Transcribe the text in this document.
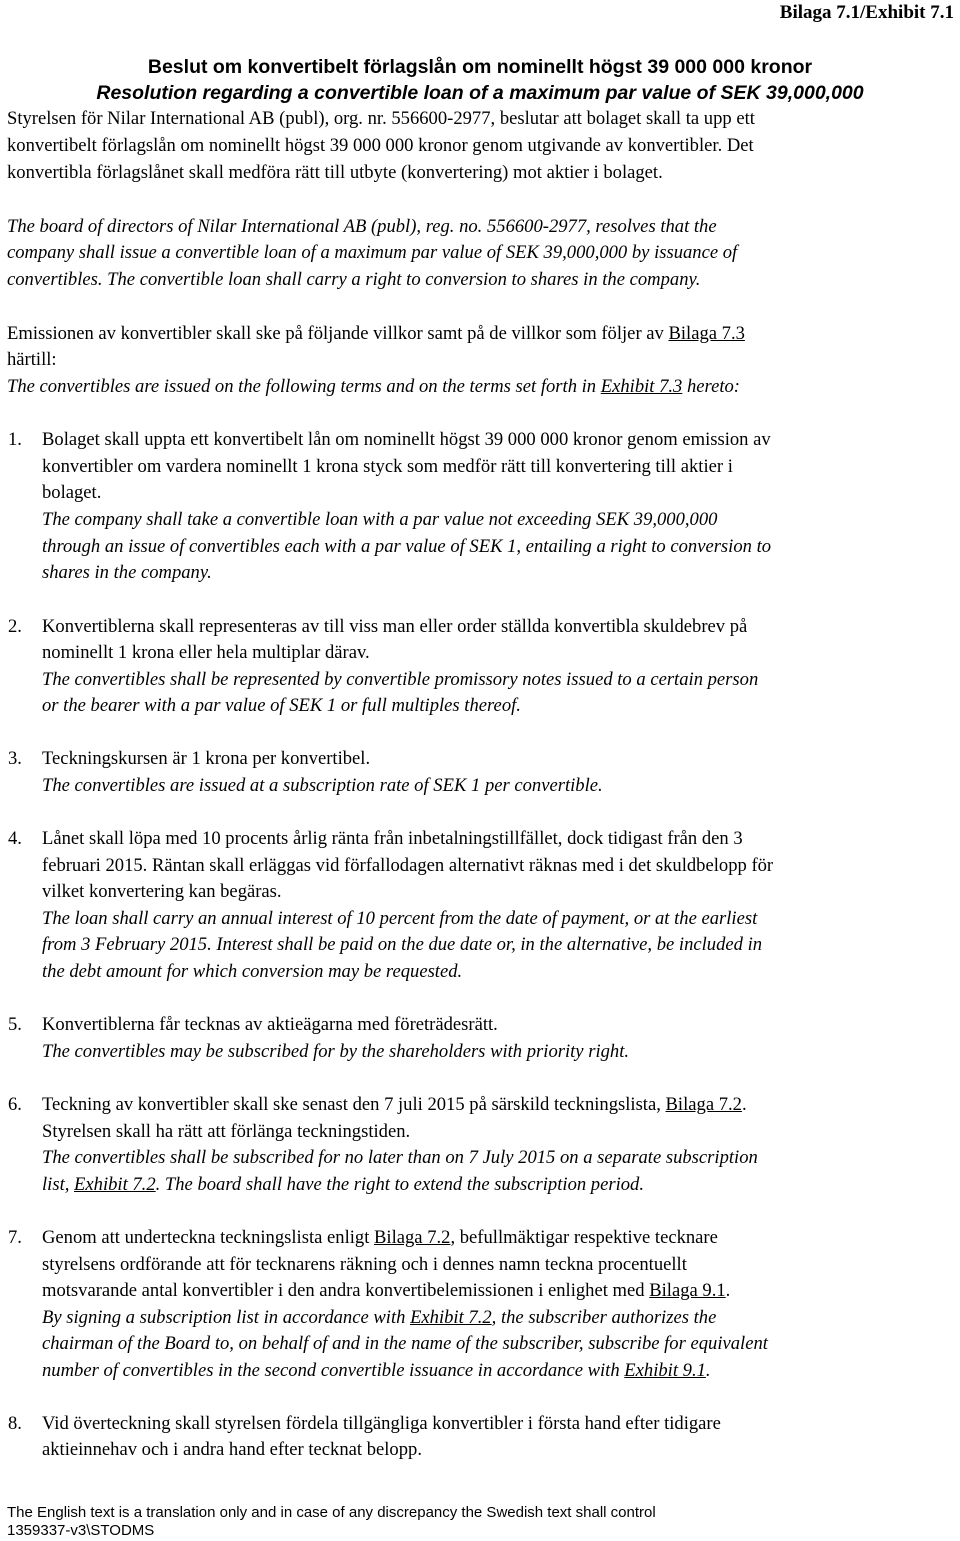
Bilaga 7.1/Exhibit 7.1
Beslut om konvertibelt förlagslån om nominellt högst 39 000 000 kronor
Resolution regarding a convertible loan of a maximum par value of SEK 39,000,000
Styrelsen för Nilar International AB (publ), org. nr. 556600-2977, beslutar att bolaget skall ta upp ett
konvertibelt förlagslån om nominellt högst 39 000 000 kronor genom utgivande av konvertibler. Det
konvertibla förlagslånet skall medföra rätt till utbyte (konvertering) mot aktier i bolaget.
The board of directors of Nilar International AB (publ), reg. no. 556600-2977, resolves that the
company shall issue a convertible loan of a maximum par value of SEK 39,000,000 by issuance of
convertibles. The convertible loan shall carry a right to conversion to shares in the company.
Emissionen av konvertibler skall ske på följande villkor samt på de villkor som följer av Bilaga 7.3
härtill:
The convertibles are issued on the following terms and on the terms set forth in Exhibit 7.3 hereto:
1. Bolaget skall uppta ett konvertibelt lån om nominellt högst 39 000 000 kronor genom emission av
konvertibler om vardera nominellt 1 krona styck som medför rätt till konvertering till aktier i
bolaget.
The company shall take a convertible loan with a par value not exceeding SEK 39,000,000
through an issue of convertibles each with a par value of SEK 1, entailing a right to conversion to
shares in the company.
2. Konvertiblerna skall representeras av till viss man eller order ställda konvertibla skuldebrev på
nominellt 1 krona eller hela multiplar därav.
The convertibles shall be represented by convertible promissory notes issued to a certain person
or the bearer with a par value of SEK 1 or full multiples thereof.
3. Teckningskursen är 1 krona per konvertibel.
The convertibles are issued at a subscription rate of SEK 1 per convertible.
4. Lånet skall löpa med 10 procents årlig ränta från inbetalningstillfället, dock tidigast från den 3
februari 2015. Räntan skall erläggas vid förfallodagen alternativt räknas med i det skuldbelopp för
vilket konvertering kan begäras.
The loan shall carry an annual interest of 10 percent from the date of payment, or at the earliest
from 3 February 2015. Interest shall be paid on the due date or, in the alternative, be included in
the debt amount for which conversion may be requested.
5. Konvertiblerna får tecknas av aktieägarna med företrädesrätt.
The convertibles may be subscribed for by the shareholders with priority right.
6. Teckning av konvertibler skall ske senast den 7 juli 2015 på särskild teckningslista, Bilaga 7.2.
Styrelsen skall ha rätt att förlänga teckningstiden.
The convertibles shall be subscribed for no later than on 7 July 2015 on a separate subscription
list, Exhibit 7.2. The board shall have the right to extend the subscription period.
7. Genom att underteckna teckningslista enligt Bilaga 7.2, befullmäktigar respektive tecknare
styrelsens ordförande att för tecknarens räkning och i dennes namn teckna procentuellt
motsvarande antal konvertibler i den andra konvertibelemissionen i enlighet med Bilaga 9.1.
By signing a subscription list in accordance with Exhibit 7.2, the subscriber authorizes the
chairman of the Board to, on behalf of and in the name of the subscriber, subscribe for equivalent
number of convertibles in the second convertible issuance in accordance with Exhibit 9.1.
8. Vid överteckning skall styrelsen fördela tillgängliga konvertibler i första hand efter tidigare
aktieinnehav och i andra hand efter tecknat belopp.
The English text is a translation only and in case of any discrepancy the Swedish text shall control
1359337-v3\STODMS
